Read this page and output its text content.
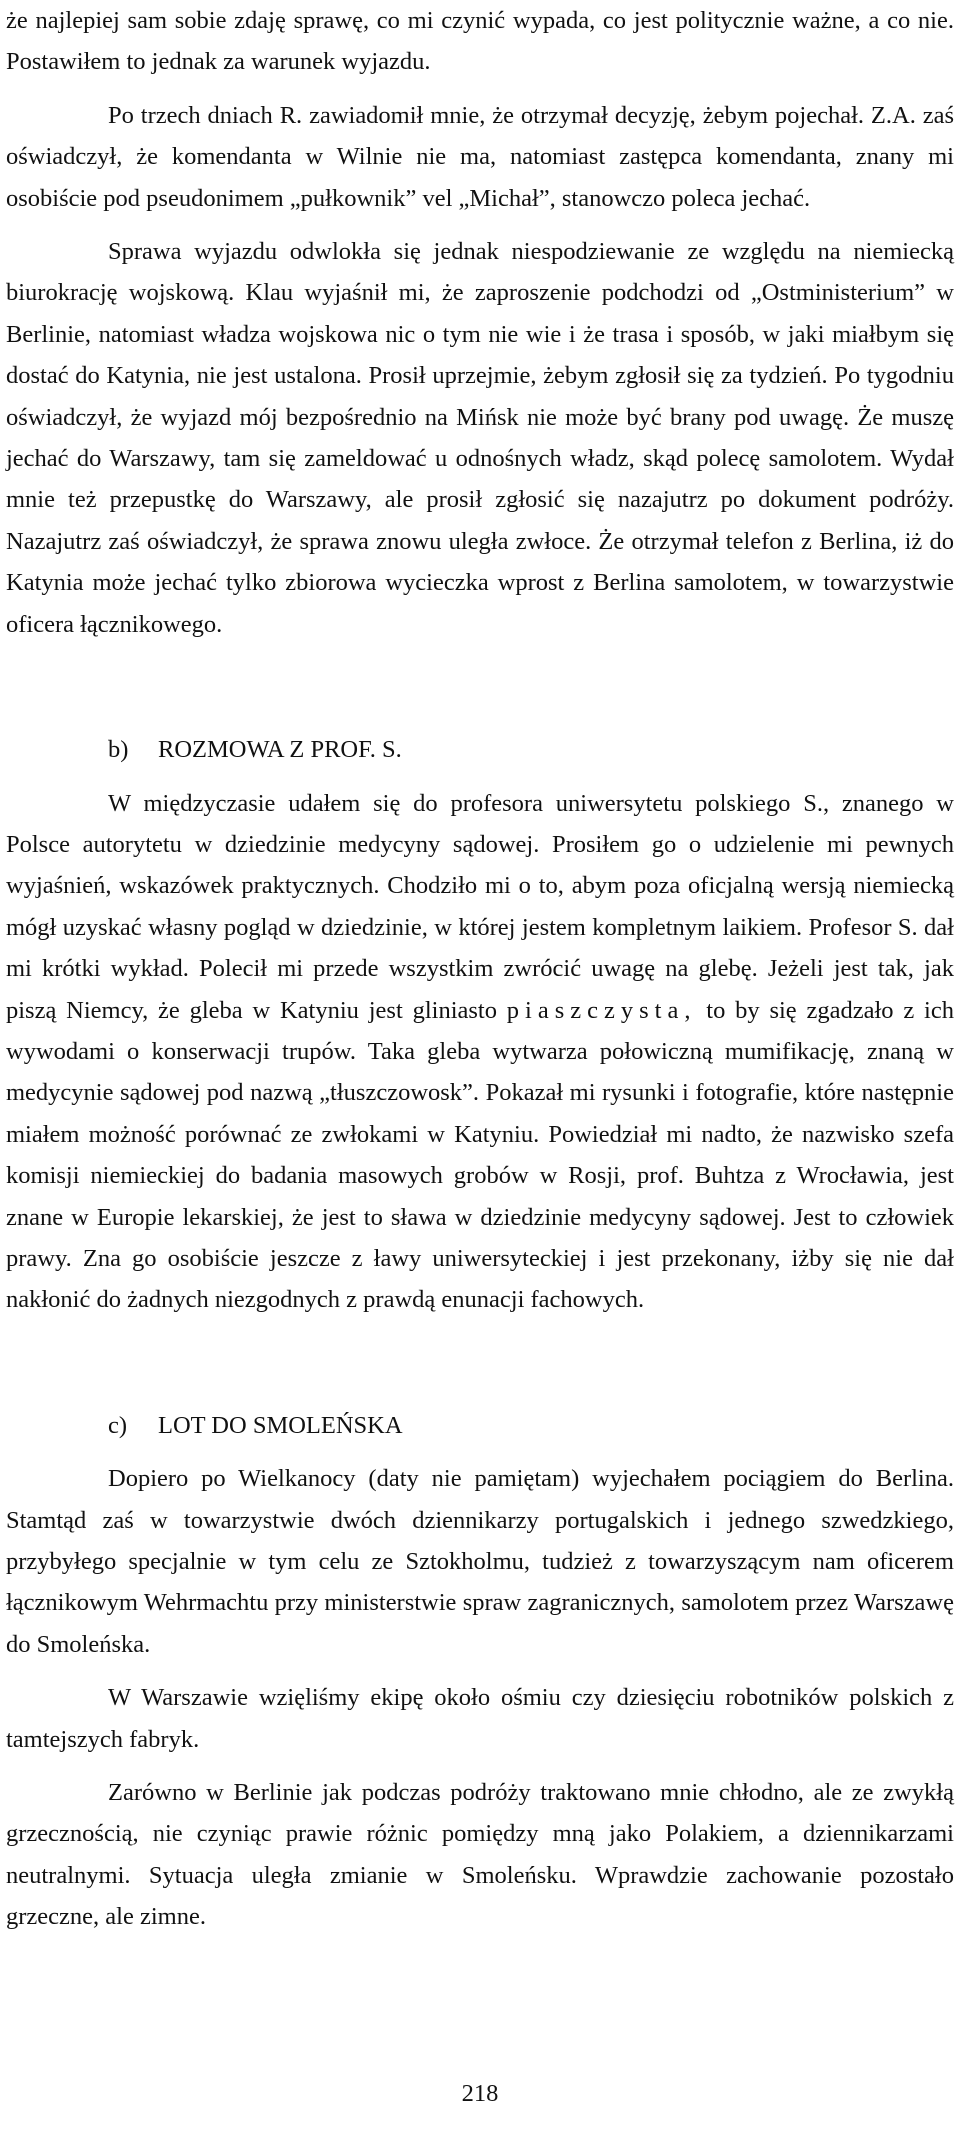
że najlepiej sam sobie zdaję sprawę, co mi czynić wypada, co jest politycznie ważne, a co nie. Postawiłem to jednak za warunek wyjazdu.

Po trzech dniach R. zawiadomił mnie, że otrzymał decyzję, żebym pojechał. Z.A. zaś oświadczył, że komendanta w Wilnie nie ma, natomiast zastępca komendanta, znany mi osobiście pod pseudonimem „pułkownik” vel „Michał”, stanowczo poleca jechać.

Sprawa wyjazdu odwlokła się jednak niespodziewanie ze względu na niemiecką biurokrację wojskową. Klau wyjaśnił mi, że zaproszenie podchodzi od „Ostministerium” w Berlinie, natomiast władza wojskowa nic o tym nie wie i że trasa i sposób, w jaki miałbym się dostać do Katynia, nie jest ustalona. Prosił uprzejmie, żebym zgłosił się za tydzień. Po tygodniu oświadczył, że wyjazd mój bezpośrednio na Mińsk nie może być brany pod uwagę. Że muszę jechać do Warszawy, tam się zameldować u odnośnych władz, skąd polecę samolotem. Wydał mnie też przepustkę do Warszawy, ale prosił zgłosić się nazajutrz po dokument podróży. Nazajutrz zaś oświadczył, że sprawa znowu uległa zwłoce. Że otrzymał telefon z Berlina, iż do Katynia może jechać tylko zbiorowa wycieczka wprost z Berlina samolotem, w towarzystwie oficera łącznikowego.

b) ROZMOWA Z PROF. S.

W międzyczasie udałem się do profesora uniwersytetu polskiego S., znanego w Polsce autorytetu w dziedzinie medycyny sądowej. Prosiłem go o udzielenie mi pewnych wyjaśnień, wskazówek praktycznych. Chodziło mi o to, abym poza oficjalną wersją niemiecką mógł uzyskać własny pogląd w dziedzinie, w której jestem kompletnym laikiem. Profesor S. dał mi krótki wykład. Polecił mi przede wszystkim zwrócić uwagę na glebę. Jeżeli jest tak, jak piszą Niemcy, że gleba w Katyniu jest gliniasto piaszczysta, to by się zgadzało z ich wywodami o konserwacji trupów. Taka gleba wytwarza połowiczną mumifikację, znaną w medycynie sądowej pod nazwą „tłuszczowosk”. Pokazał mi rysunki i fotografie, które następnie miałem możność porównać ze zwłokami w Katyniu. Powiedział mi nadto, że nazwisko szefa komisji niemieckiej do badania masowych grobów w Rosji, prof. Buhtza z Wrocławia, jest znane w Europie lekarskiej, że jest to sława w dziedzinie medycyny sądowej. Jest to człowiek prawy. Zna go osobiście jeszcze z ławy uniwersyteckiej i jest przekonany, iżby się nie dał nakłonić do żadnych niezgodnych z prawdą enunacji fachowych.

c) LOT DO SMOLEŃSKA

Dopiero po Wielkanocy (daty nie pamiętam) wyjechałem pociągiem do Berlina. Stamtąd zaś w towarzystwie dwóch dziennikarzy portugalskich i jednego szwedzkiego, przybyłego specjalnie w tym celu ze Sztokholmu, tudzież z towarzyszącym nam oficerem łącznikowym Wehrmachtu przy ministerstwie spraw zagranicznych, samolotem przez Warszawę do Smoleńska.

W Warszawie wzięliśmy ekipę około ośmiu czy dziesięciu robotników polskich z tamtejszych fabryk.

Zarówno w Berlinie jak podczas podróży traktowano mnie chłodno, ale ze zwykłą grzecznością, nie czyniąc prawie różnic pomiędzy mną jako Polakiem, a dziennikarzami neutralnymi. Sytuacja uległa zmianie w Smoleńsku. Wprawdzie zachowanie pozostało grzeczne, ale zimne.

218
